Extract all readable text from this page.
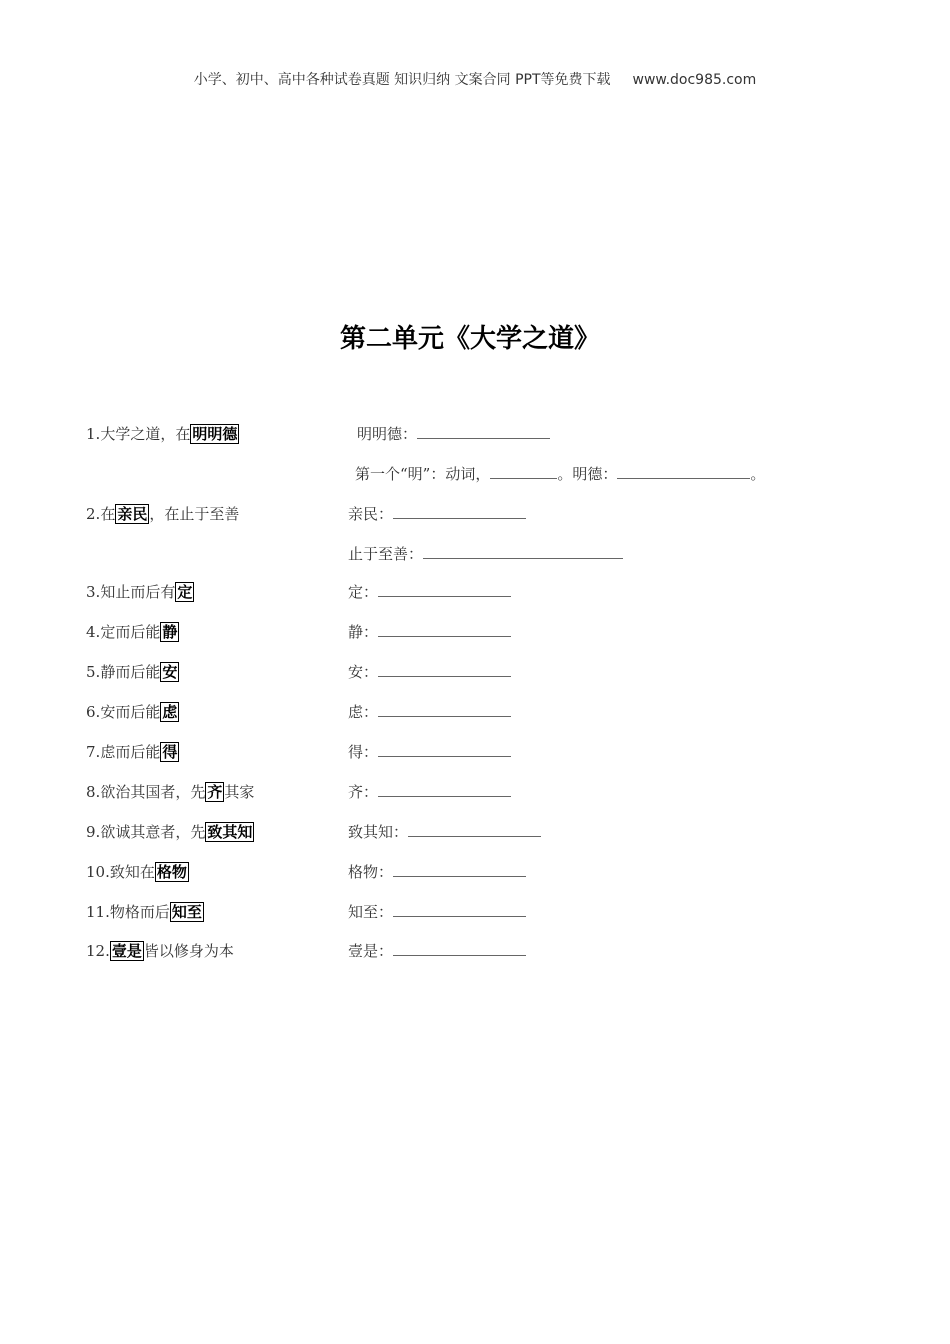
小学、初中、高中各种试卷真题 知识归纳 文案合同 PPT等免费下载 www.doc985.com
第二单元《大学之道》
1.大学之道，在 明明德
2.在 亲民 ，在止于至善
3.知止而后有 定
4.定而后能 静
5.静而后能 安
6.安而后能 虑
7.虑而后能 得
8.欲治其国者，先 齐 其家
9.欲诚其意者，先 致其知
10.致知在 格物
11.物格而后 知至
12. 壹是 皆以修身为本
明明德：
第一个“明”：动词，	。明德：	。
亲民：
止于至善：
定：
静：
安：
虑：
得：
齐：
致其知：
格物：
知至：
壹是：
